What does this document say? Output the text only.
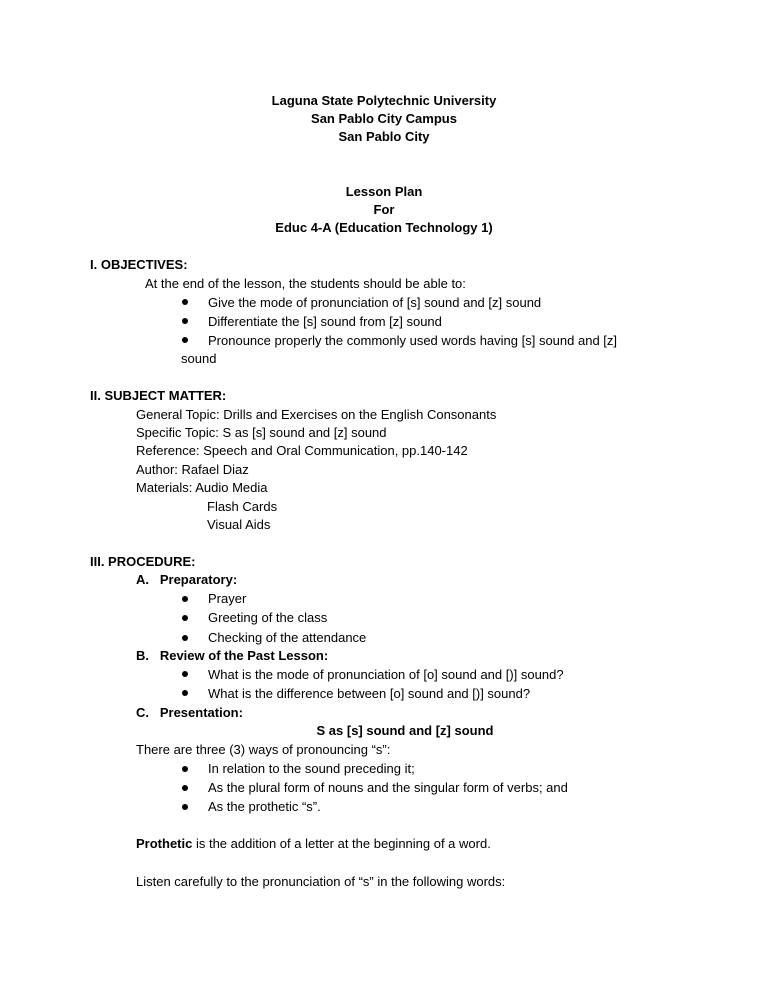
Laguna State Polytechnic University
San Pablo City Campus
San Pablo City
Lesson Plan
For
Educ 4-A (Education Technology 1)
I. OBJECTIVES:
At the end of the lesson, the students should be able to:
Give the mode of pronunciation of [s] sound and [z] sound
Differentiate the [s] sound from [z] sound
Pronounce properly the commonly used words having [s] sound and [z]
sound
II. SUBJECT MATTER:
General Topic: Drills and Exercises on the English Consonants
Specific Topic: S as [s] sound and [z] sound
Reference: Speech and Oral Communication, pp.140-142
Author: Rafael Diaz
Materials: Audio Media
Flash Cards
Visual Aids
III. PROCEDURE:
A.   Preparatory:
Prayer
Greeting of the class
Checking of the attendance
B.   Review of the Past Lesson:
What is the mode of pronunciation of [o] sound and [)] sound?
What is the difference between [o] sound and [)] sound?
C.   Presentation:
S as [s] sound and [z] sound
There are three (3) ways of pronouncing “s”:
In relation to the sound preceding it;
As the plural form of nouns and the singular form of verbs; and
As the prothetic “s”.
Prothetic is the addition of a letter at the beginning of a word.
Listen carefully to the pronunciation of “s” in the following words:
